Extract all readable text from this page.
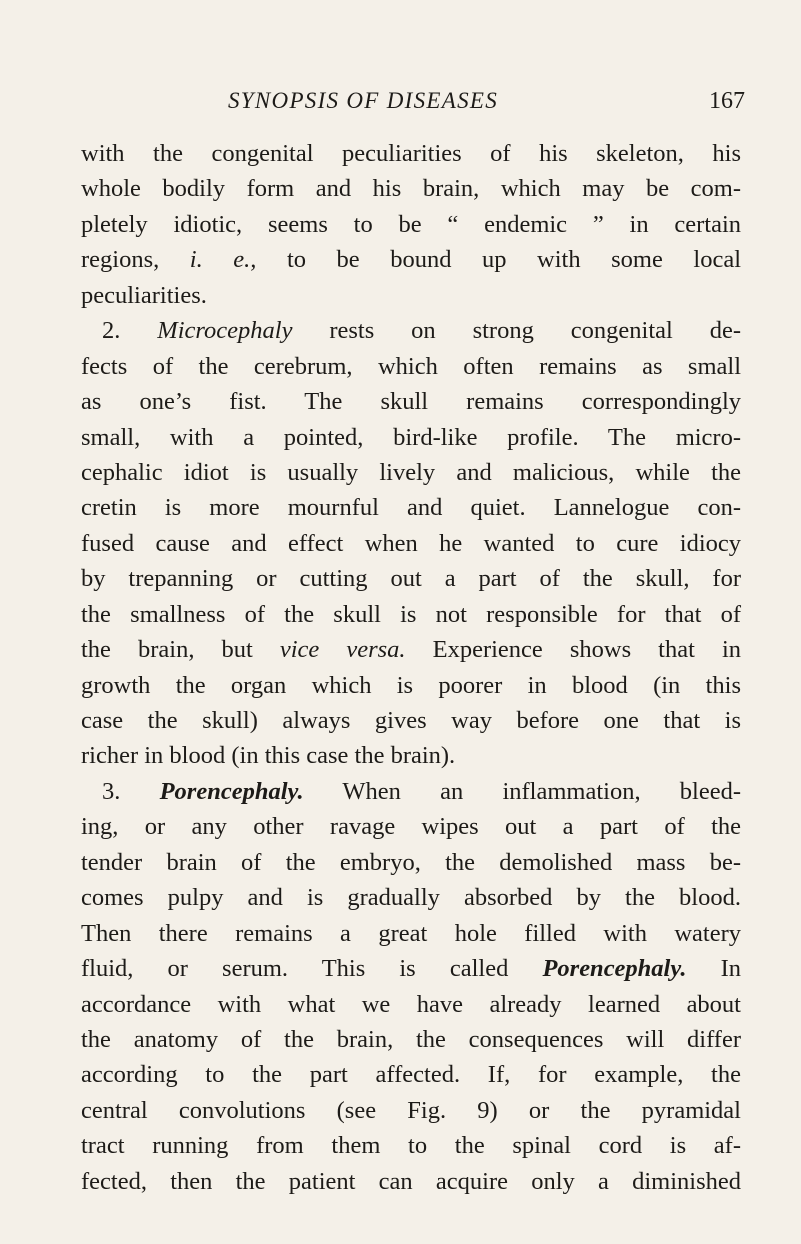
SYNOPSIS OF DISEASES	167
with the congenital peculiarities of his skeleton, his
whole bodily form and his brain, which may be com-
pletely idiotic, seems to be “ endemic ” in certain
regions, i. e., to be bound up with some local
peculiarities.
2. Microcephaly rests on strong congenital de-
fects of the cerebrum, which often remains as small
as one’s fist. The skull remains correspondingly
small, with a pointed, bird-like profile. The micro-
cephalic idiot is usually lively and malicious, while the
cretin is more mournful and quiet. Lannelogue con-
fused cause and effect when he wanted to cure idiocy
by trepanning or cutting out a part of the skull, for
the smallness of the skull is not responsible for that of
the brain, but vice versa. Experience shows that in
growth the organ which is poorer in blood (in this
case the skull) always gives way before one that is
richer in blood (in this case the brain).
3. Porencephaly. When an inflammation, bleed-
ing, or any other ravage wipes out a part of the
tender brain of the embryo, the demolished mass be-
comes pulpy and is gradually absorbed by the blood.
Then there remains a great hole filled with watery
fluid, or serum. This is called Porencephaly. In
accordance with what we have already learned about
the anatomy of the brain, the consequences will differ
according to the part affected. If, for example, the
central convolutions (see Fig. 9) or the pyramidal
tract running from them to the spinal cord is af-
fected, then the patient can acquire only a diminished
